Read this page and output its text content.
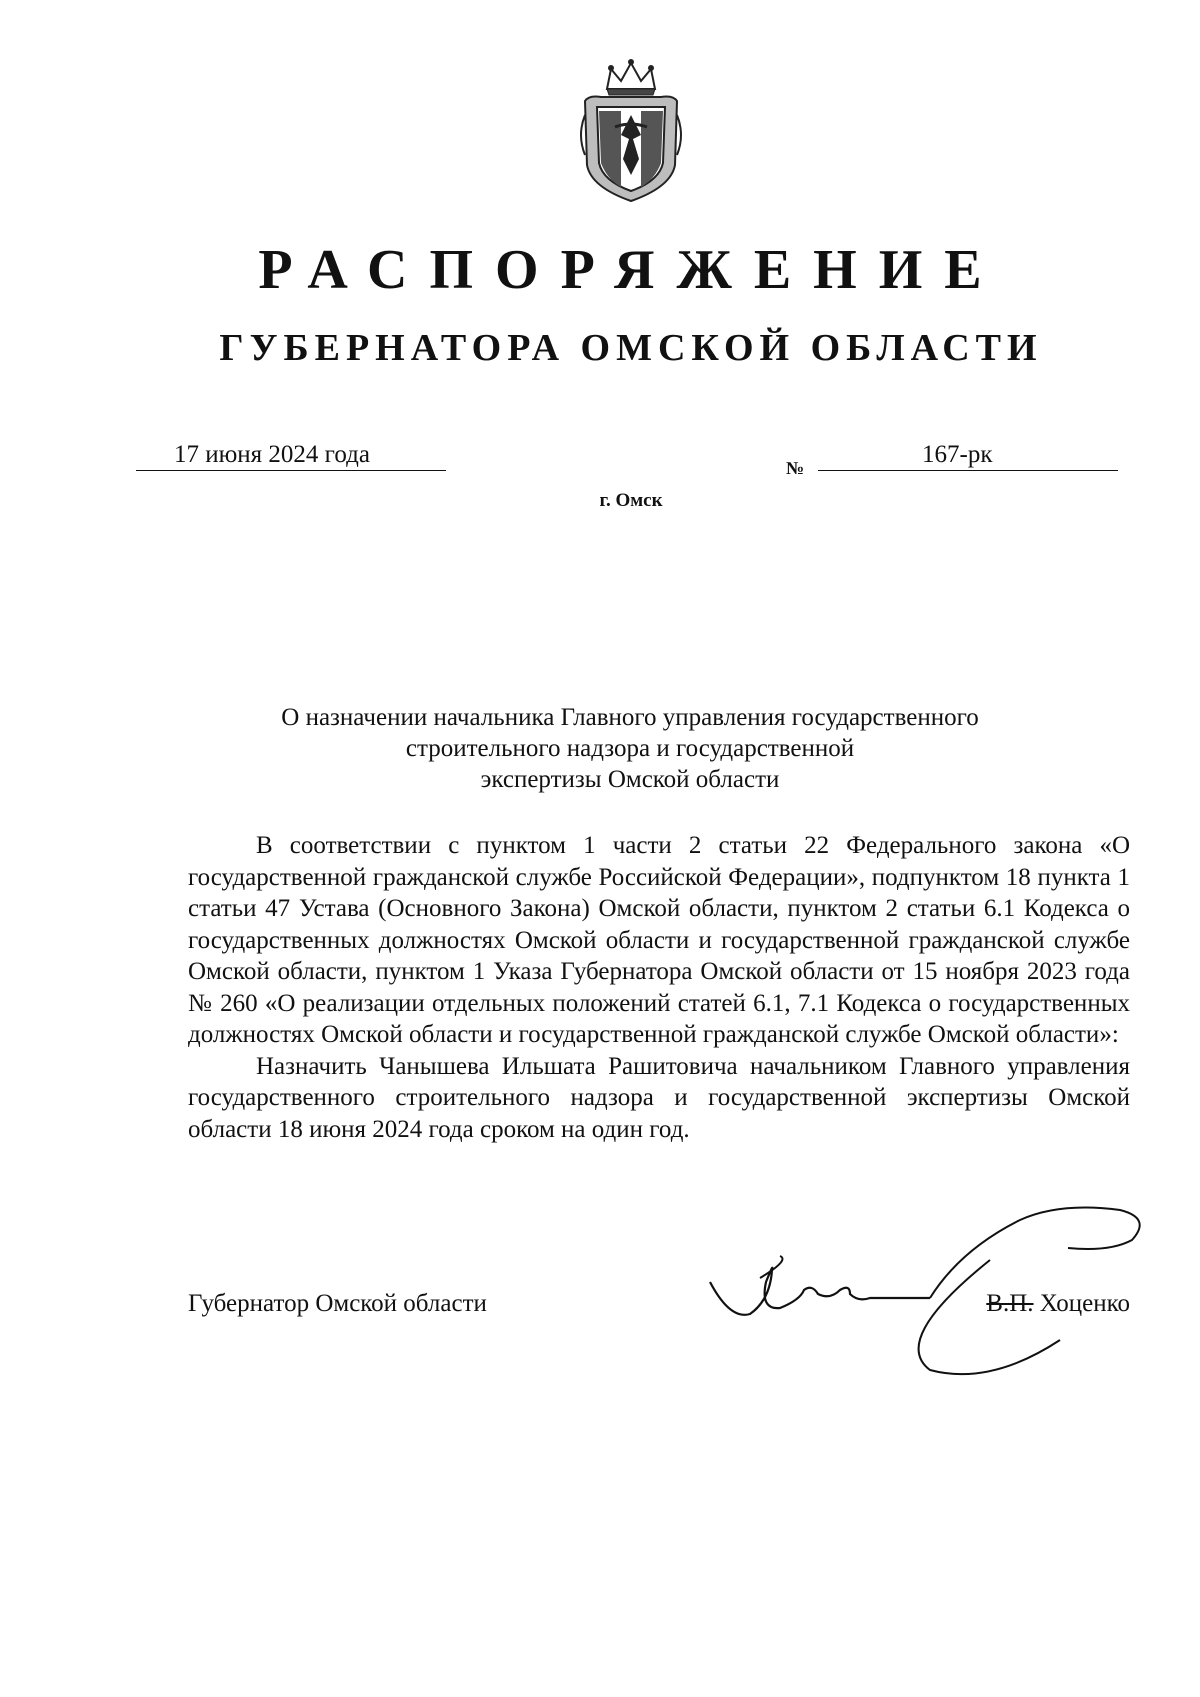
РАСПОРЯЖЕНИЕ
ГУБЕРНАТОРА ОМСКОЙ ОБЛАСТИ
17 июня 2024 года	№	167-рк
г. Омск
О назначении начальника Главного управления государственного
строительного надзора и государственной
экспертизы Омской области

В соответствии с пунктом 1 части 2 статьи 22 Федерального закона «О государственной гражданской службе Российской Федерации», подпунктом 18 пункта 1 статьи 47 Устава (Основного Закона) Омской области, пунктом 2 статьи 6.1 Кодекса о государственных должностях Омской области и государственной гражданской службе Омской области, пунктом 1 Указа Губернатора Омской области от 15 ноября 2023 года № 260 «О реализации отдельных положений статей 6.1, 7.1 Кодекса о государственных должностях Омской области и государственной гражданской службе Омской области»:

Назначить Чанышева Ильшата Рашитовича начальником Главного управления государственного строительного надзора и государственной экспертизы Омской области 18 июня 2024 года сроком на один год.

Губернатор Омской области	В.П. Хоценко
